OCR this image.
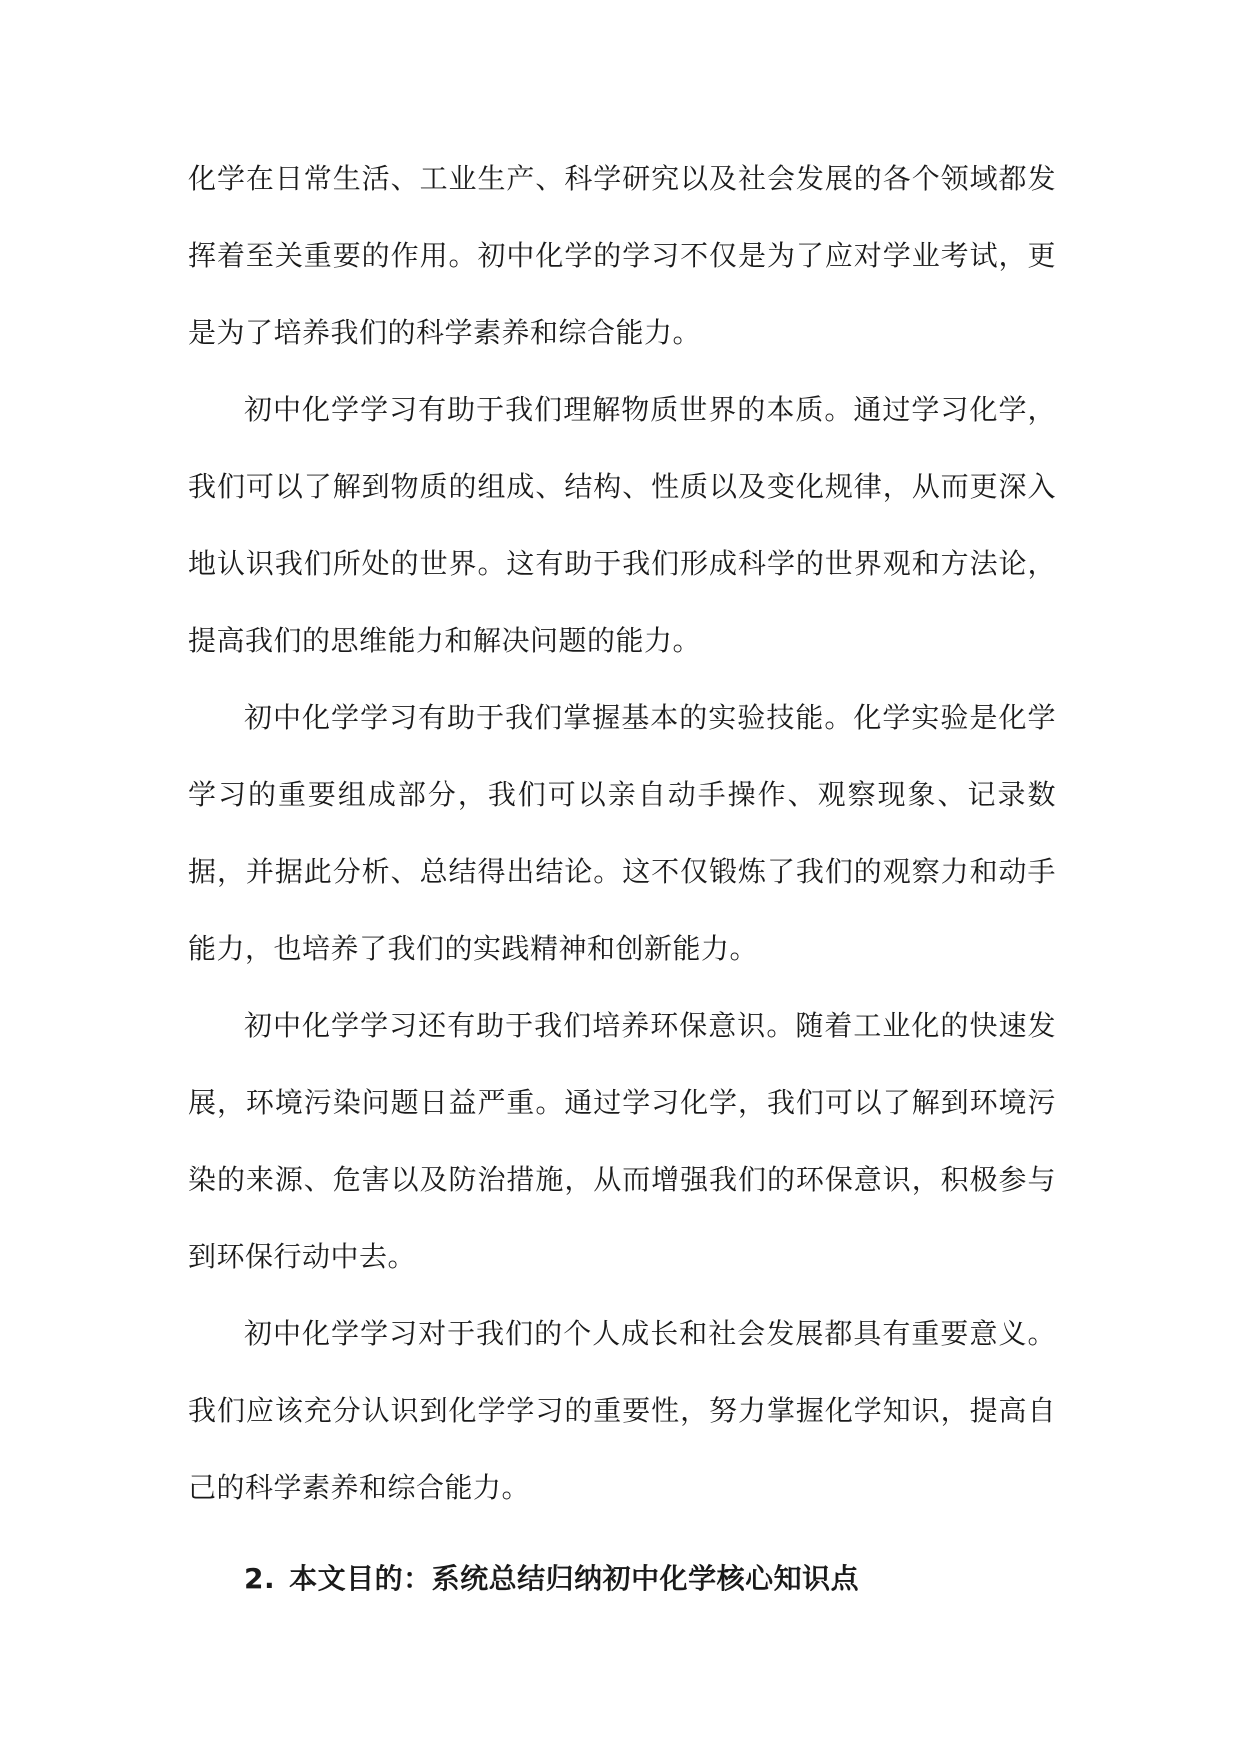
化学在日常生活、工业生产、科学研究以及社会发展的各个领域都发挥着至关重要的作用。初中化学的学习不仅是为了应对学业考试，更是为了培养我们的科学素养和综合能力。

初中化学学习有助于我们理解物质世界的本质。通过学习化学，我们可以了解到物质的组成、结构、性质以及变化规律，从而更深入地认识我们所处的世界。这有助于我们形成科学的世界观和方法论，提高我们的思维能力和解决问题的能力。

初中化学学习有助于我们掌握基本的实验技能。化学实验是化学学习的重要组成部分，我们可以亲自动手操作、观察现象、记录数据，并据此分析、总结得出结论。这不仅锻炼了我们的观察力和动手能力，也培养了我们的实践精神和创新能力。

初中化学学习还有助于我们培养环保意识。随着工业化的快速发展，环境污染问题日益严重。通过学习化学，我们可以了解到环境污染的来源、危害以及防治措施，从而增强我们的环保意识，积极参与到环保行动中去。

初中化学学习对于我们的个人成长和社会发展都具有重要意义。我们应该充分认识到化学学习的重要性，努力掌握化学知识，提高自己的科学素养和综合能力。

2. 本文目的：系统总结归纳初中化学核心知识点
